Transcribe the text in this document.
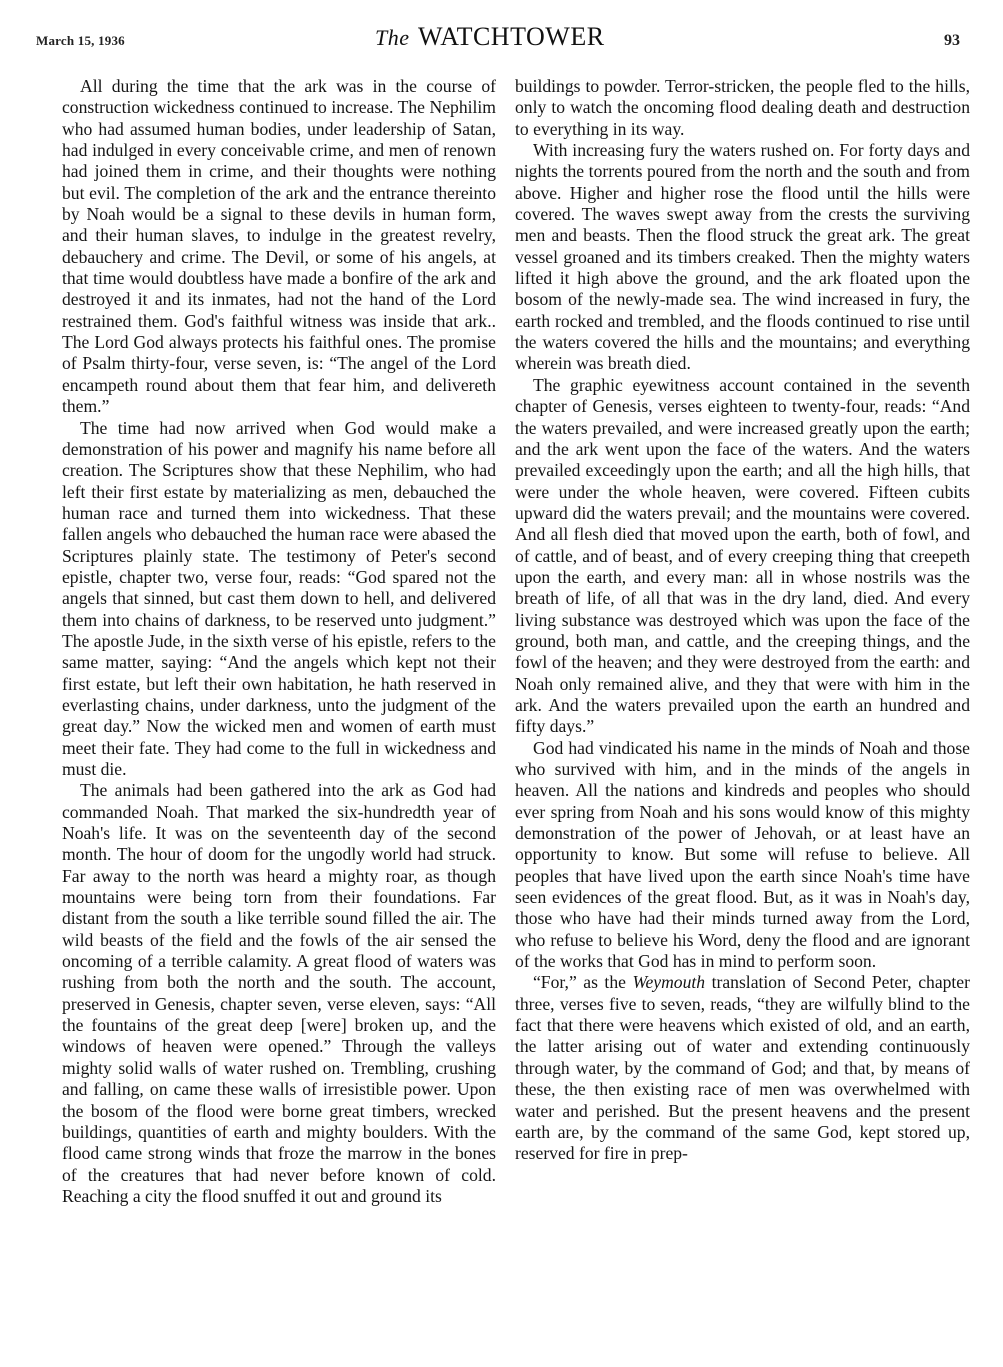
March 15, 1936	The WATCHTOWER	93

All during the time that the ark was in the course of construction wickedness continued to increase. The Nephilim who had assumed human bodies, under leadership of Satan, had indulged in every conceivable crime, and men of renown had joined them in crime, and their thoughts were nothing but evil. The completion of the ark and the entrance thereinto by Noah would be a signal to these devils in human form, and their human slaves, to indulge in the greatest revelry, debauchery and crime. The Devil, or some of his angels, at that time would doubtless have made a bonfire of the ark and destroyed it and its inmates, had not the hand of the Lord restrained them. God's faithful witness was inside that ark.. The Lord God always protects his faithful ones. The promise of Psalm thirty-four, verse seven, is: “The angel of the Lord encampeth round about them that fear him, and delivereth them.”

The time had now arrived when God would make a demonstration of his power and magnify his name before all creation. The Scriptures show that these Nephilim, who had left their first estate by materializing as men, debauched the human race and turned them into wickedness. That these fallen angels who debauched the human race were abased the Scriptures plainly state. The testimony of Peter's second epistle, chapter two, verse four, reads: “God spared not the angels that sinned, but cast them down to hell, and delivered them into chains of darkness, to be reserved unto judgment.” The apostle Jude, in the sixth verse of his epistle, refers to the same matter, saying: “And the angels which kept not their first estate, but left their own habitation, he hath reserved in everlasting chains, under darkness, unto the judgment of the great day.” Now the wicked men and women of earth must meet their fate. They had come to the full in wickedness and must die.

The animals had been gathered into the ark as God had commanded Noah. That marked the six-hundredth year of Noah's life. It was on the seventeenth day of the second month. The hour of doom for the ungodly world had struck. Far away to the north was heard a mighty roar, as though mountains were being torn from their foundations. Far distant from the south a like terrible sound filled the air. The wild beasts of the field and the fowls of the air sensed the oncoming of a terrible calamity. A great flood of waters was rushing from both the north and the south. The account, preserved in Genesis, chapter seven, verse eleven, says: “All the fountains of the great deep [were] broken up, and the windows of heaven were opened.” Through the valleys mighty solid walls of water rushed on. Trembling, crushing and falling, on came these walls of irresistible power. Upon the bosom of the flood were borne great timbers, wrecked buildings, quantities of earth and mighty boulders. With the flood came strong winds that froze the marrow in the bones of the creatures that had never before known of cold. Reaching a city the flood snuffed it out and ground its

buildings to powder. Terror-stricken, the people fled to the hills, only to watch the oncoming flood dealing death and destruction to everything in its way.

With increasing fury the waters rushed on. For forty days and nights the torrents poured from the north and the south and from above. Higher and higher rose the flood until the hills were covered. The waves swept away from the crests the surviving men and beasts. Then the flood struck the great ark. The great vessel groaned and its timbers creaked. Then the mighty waters lifted it high above the ground, and the ark floated upon the bosom of the newly-made sea. The wind increased in fury, the earth rocked and trembled, and the floods continued to rise until the waters covered the hills and the mountains; and everything wherein was breath died.

The graphic eyewitness account contained in the seventh chapter of Genesis, verses eighteen to twenty-four, reads: “And the waters prevailed, and were increased greatly upon the earth; and the ark went upon the face of the waters. And the waters prevailed exceedingly upon the earth; and all the high hills, that were under the whole heaven, were covered. Fifteen cubits upward did the waters prevail; and the mountains were covered. And all flesh died that moved upon the earth, both of fowl, and of cattle, and of beast, and of every creeping thing that creepeth upon the earth, and every man: all in whose nostrils was the breath of life, of all that was in the dry land, died. And every living substance was destroyed which was upon the face of the ground, both man, and cattle, and the creeping things, and the fowl of the heaven; and they were destroyed from the earth: and Noah only remained alive, and they that were with him in the ark. And the waters prevailed upon the earth an hundred and fifty days.”

God had vindicated his name in the minds of Noah and those who survived with him, and in the minds of the angels in heaven. All the nations and kindreds and peoples who should ever spring from Noah and his sons would know of this mighty demonstration of the power of Jehovah, or at least have an opportunity to know. But some will refuse to believe. All peoples that have lived upon the earth since Noah's time have seen evidences of the great flood. But, as it was in Noah's day, those who have had their minds turned away from the Lord, who refuse to believe his Word, deny the flood and are ignorant of the works that God has in mind to perform soon.

“For,” as the Weymouth translation of Second Peter, chapter three, verses five to seven, reads, “they are wilfully blind to the fact that there were heavens which existed of old, and an earth, the latter arising out of water and extending continuously through water, by the command of God; and that, by means of these, the then existing race of men was overwhelmed with water and perished. But the present heavens and the present earth are, by the command of the same God, kept stored up, reserved for fire in prep-
